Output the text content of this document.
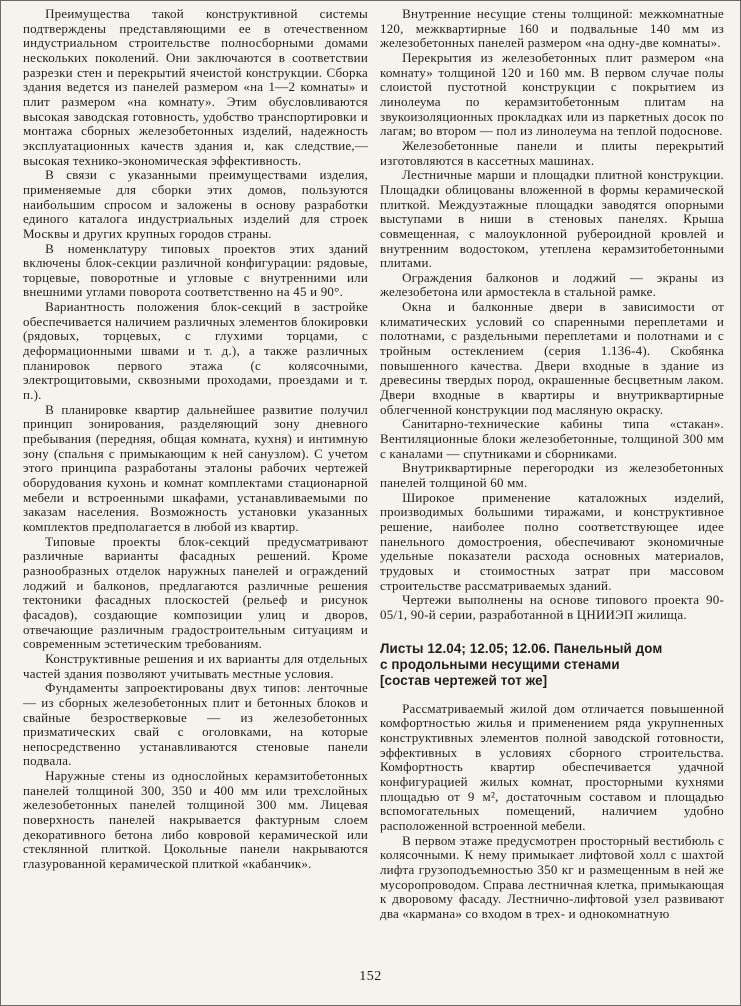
Преимущества такой конструктивной системы подтверждены представляющими ее в отечественном индустриальном строительстве полносборными домами нескольких поколений. Они заключаются в соответствии разрезки стен и перекрытий ячеистой конструкции. Сборка здания ведется из панелей размером «на 1—2 комнаты» и плит размером «на комнату». Этим обусловливаются высокая заводская готовность, удобство транспортировки и монтажа сборных железобетонных изделий, надежность эксплуатационных качеств здания и, как следствие,— высокая технико-экономическая эффективность.

В связи с указанными преимуществами изделия, применяемые для сборки этих домов, пользуются наибольшим спросом и заложены в основу разработки единого каталога индустриальных изделий для строек Москвы и других крупных городов страны.

В номенклатуру типовых проектов этих зданий включены блок-секции различной конфигурации: рядовые, торцевые, поворотные и угловые с внутренними или внешними углами поворота соответственно на 45 и 90°.

Вариантность положения блок-секций в застройке обеспечивается наличием различных элементов блокировки (рядовых, торцевых, с глухими торцами, с деформационными швами и т. д.), а также различных планировок первого этажа (с колясочными, электрощитовыми, сквозными проходами, проездами и т. п.).

В планировке квартир дальнейшее развитие получил принцип зонирования, разделяющий зону дневного пребывания (передняя, общая комната, кухня) и интимную зону (спальня с примыкающим к ней санузлом). С учетом этого принципа разработаны эталоны рабочих чертежей оборудования кухонь и комнат комплектами стационарной мебели и встроенными шкафами, устанавливаемыми по заказам населения. Возможность установки указанных комплектов предполагается в любой из квартир.

Типовые проекты блок-секций предусматривают различные варианты фасадных решений. Кроме разнообразных отделок наружных панелей и ограждений лоджий и балконов, предлагаются различные решения тектоники фасадных плоскостей (рельеф и рисунок фасадов), создающие композиции улиц и дворов, отвечающие различным градостроительным ситуациям и современным эстетическим требованиям.

Конструктивные решения и их варианты для отдельных частей здания позволяют учитывать местные условия.

Фундаменты запроектированы двух типов: ленточные — из сборных железобетонных плит и бетонных блоков и свайные безростверковые — из железобетонных призматических свай с оголовками, на которые непосредственно устанавливаются стеновые панели подвала.

Наружные стены из однослойных керамзитобетонных панелей толщиной 300, 350 и 400 мм или трехслойных железобетонных панелей толщиной 300 мм. Лицевая поверхность панелей накрывается фактурным слоем декоративного бетона либо ковровой керамической или стеклянной плиткой. Цокольные панели накрываются глазурованной керамической плиткой «кабанчик».

Внутренние несущие стены толщиной: межкомнатные 120, межквартирные 160 и подвальные 140 мм из железобетонных панелей размером «на одну-две комнаты».

Перекрытия из железобетонных плит размером «на комнату» толщиной 120 и 160 мм. В первом случае полы слоистой пустотной конструкции с покрытием из линолеума по керамзитобетонным плитам на звукоизоляционных прокладках или из паркетных досок по лагам; во втором — пол из линолеума на теплой подоснове.

Железобетонные панели и плиты перекрытий изготовляются в кассетных машинах.

Лестничные марши и площадки плитной конструкции. Площадки облицованы вложенной в формы керамической плиткой. Междуэтажные площадки заводятся опорными выступами в ниши в стеновых панелях. Крыша совмещенная, с малоуклонной рубероидной кровлей и внутренним водостоком, утеплена керамзитобетонными плитами.

Ограждения балконов и лоджий — экраны из железобетона или армостекла в стальной рамке.

Окна и балконные двери в зависимости от климатических условий со спаренными переплетами и полотнами, с раздельными переплетами и полотнами и с тройным остеклением (серия 1.136-4). Скобянка повышенного качества. Двери входные в здание из древесины твердых пород, окрашенные бесцветным лаком. Двери входные в квартиры и внутриквартирные облегченной конструкции под масляную окраску.

Санитарно-технические кабины типа «стакан». Вентиляционные блоки железобетонные, толщиной 300 мм с каналами — спутниками и сборниками.

Внутриквартирные перегородки из железобетонных панелей толщиной 60 мм.

Широкое применение каталожных изделий, производимых большими тиражами, и конструктивное решение, наиболее полно соответствующее идее панельного домостроения, обеспечивают экономичные удельные показатели расхода основных материалов, трудовых и стоимостных затрат при массовом строительстве рассматриваемых зданий.

Чертежи выполнены на основе типового проекта 90-05/1, 90-й серии, разработанной в ЦНИИЭП жилища.

Листы 12.04; 12.05; 12.06. Панельный дом
с продольными несущими стенами
[состав чертежей тот же]

Рассматриваемый жилой дом отличается повышенной комфортностью жилья и применением ряда укрупненных конструктивных элементов полной заводской готовности, эффективных в условиях сборного строительства. Комфортность квартир обеспечивается удачной конфигурацией жилых комнат, просторными кухнями площадью от 9 м², достаточным составом и площадью вспомогательных помещений, наличием удобно расположенной встроенной мебели.

В первом этаже предусмотрен просторный вестибюль с колясочными. К нему примыкает лифтовой холл с шахтой лифта грузоподъемностью 350 кг и размещенным в ней же мусоропроводом. Справа лестничная клетка, примыкающая к дворовому фасаду. Лестнично-лифтовой узел развивают два «кармана» со входом в трех- и однокомнатную

152
